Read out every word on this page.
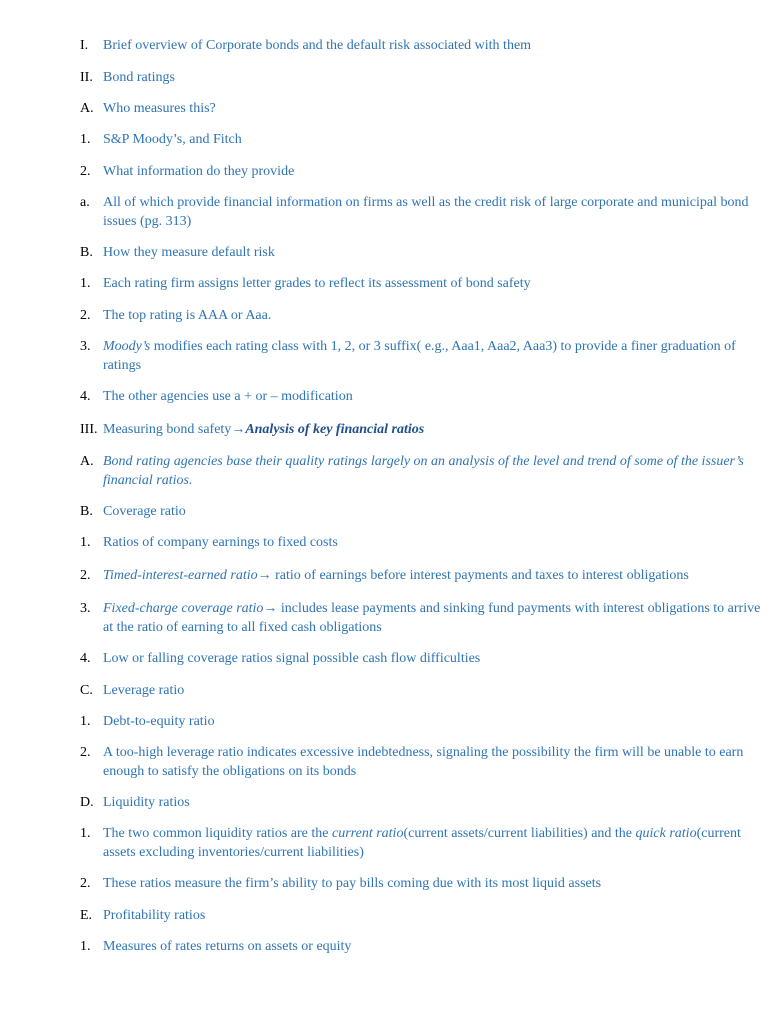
I. Brief overview of Corporate bonds and the default risk associated with them
II. Bond ratings
A. Who measures this?
1. S&P Moody’s, and Fitch
2. What information do they provide
a. All of which provide financial information on firms as well as the credit risk of large corporate and municipal bond issues (pg. 313)
B. How they measure default risk
1. Each rating firm assigns letter grades to reflect its assessment of bond safety
2. The top rating is AAA or Aaa.
3. Moody’s modifies each rating class with 1, 2, or 3 suffix( e.g., Aaa1, Aaa2, Aaa3) to provide a finer graduation of ratings
4. The other agencies use a + or – modification
III. Measuring bond safety→Analysis of key financial ratios
A. Bond rating agencies base their quality ratings largely on an analysis of the level and trend of some of the issuer’s financial ratios.
B. Coverage ratio
1. Ratios of company earnings to fixed costs
2. Timed-interest-earned ratio→ ratio of earnings before interest payments and taxes to interest obligations
3. Fixed-charge coverage ratio→ includes lease payments and sinking fund payments with interest obligations to arrive at the ratio of earning to all fixed cash obligations
4. Low or falling coverage ratios signal possible cash flow difficulties
C. Leverage ratio
1. Debt-to-equity ratio
2. A too-high leverage ratio indicates excessive indebtedness, signaling the possibility the firm will be unable to earn enough to satisfy the obligations on its bonds
D. Liquidity ratios
1. The two common liquidity ratios are the current ratio(current assets/current liabilities) and the quick ratio(current assets excluding inventories/current liabilities)
2. These ratios measure the firm’s ability to pay bills coming due with its most liquid assets
E. Profitability ratios
1. Measures of rates returns on assets or equity
